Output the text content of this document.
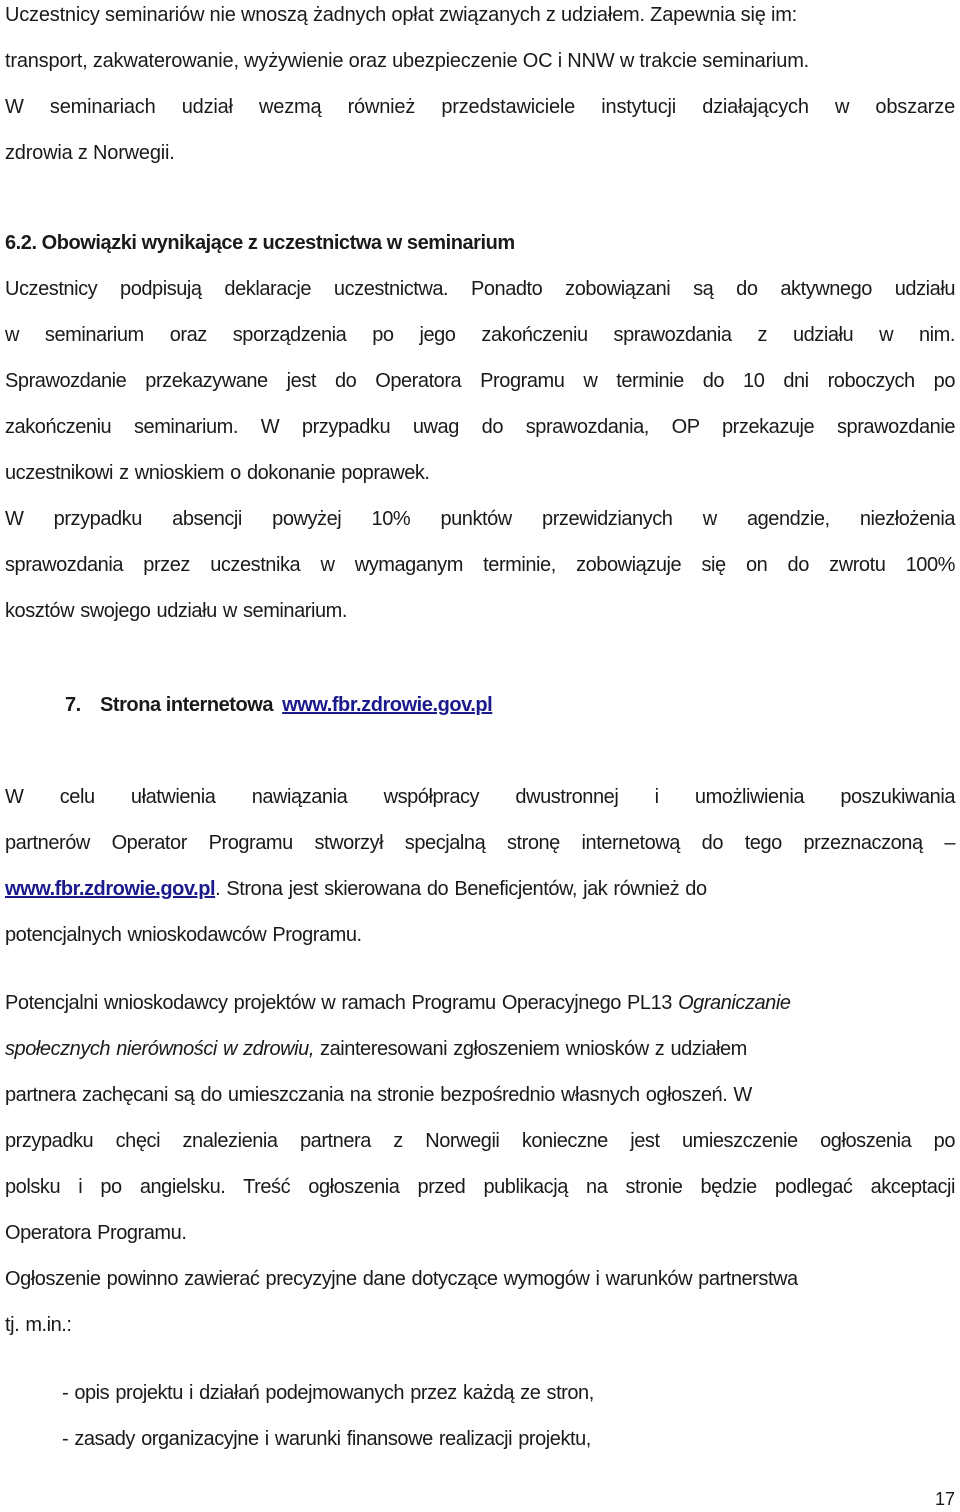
Uczestnicy seminariów nie wnoszą żadnych opłat związanych z udziałem. Zapewnia się im:
transport, zakwaterowanie, wyżywienie oraz ubezpieczenie OC i NNW w trakcie seminarium.
W seminariach udział wezmą również przedstawiciele instytucji działających w obszarze
zdrowia z Norwegii.
6.2. Obowiązki wynikające z uczestnictwa w seminarium
Uczestnicy podpisują deklaracje uczestnictwa. Ponadto zobowiązani są do aktywnego udziału
w seminarium oraz sporządzenia po jego zakończeniu sprawozdania z udziału w nim.
Sprawozdanie przekazywane jest do Operatora Programu w terminie do 10 dni roboczych po
zakończeniu seminarium. W przypadku uwag do sprawozdania, OP przekazuje sprawozdanie
uczestnikowi z wnioskiem o dokonanie poprawek.
W przypadku absencji powyżej 10% punktów przewidzianych w agendzie, niezłożenia
sprawozdania przez uczestnika w wymaganym terminie, zobowiązuje się on do zwrotu 100%
kosztów swojego udziału w seminarium.
7. Strona internetowa www.fbr.zdrowie.gov.pl
W celu ułatwienia nawiązania współpracy dwustronnej i umożliwienia poszukiwania
partnerów Operator Programu stworzył specjalną stronę internetową do tego przeznaczoną –
www.fbr.zdrowie.gov.pl. Strona jest skierowana do Beneficjentów, jak również do
potencjalnych wnioskodawców Programu.
Potencjalni wnioskodawcy projektów w ramach Programu Operacyjnego PL13 Ograniczanie
społecznych nierówności w zdrowiu, zainteresowani zgłoszeniem wniosków z udziałem
partnera zachęcani są do umieszczania na stronie bezpośrednio własnych ogłoszeń. W
przypadku chęci znalezienia partnera z Norwegii konieczne jest umieszczenie ogłoszenia po
polsku i po angielsku. Treść ogłoszenia przed publikacją na stronie będzie podlegać akceptacji
Operatora Programu.
Ogłoszenie powinno zawierać precyzyjne dane dotyczące wymogów i warunków partnerstwa
tj. m.in.:
- opis projektu i działań podejmowanych przez każdą ze stron,
- zasady organizacyjne i warunki finansowe realizacji projektu,
17
